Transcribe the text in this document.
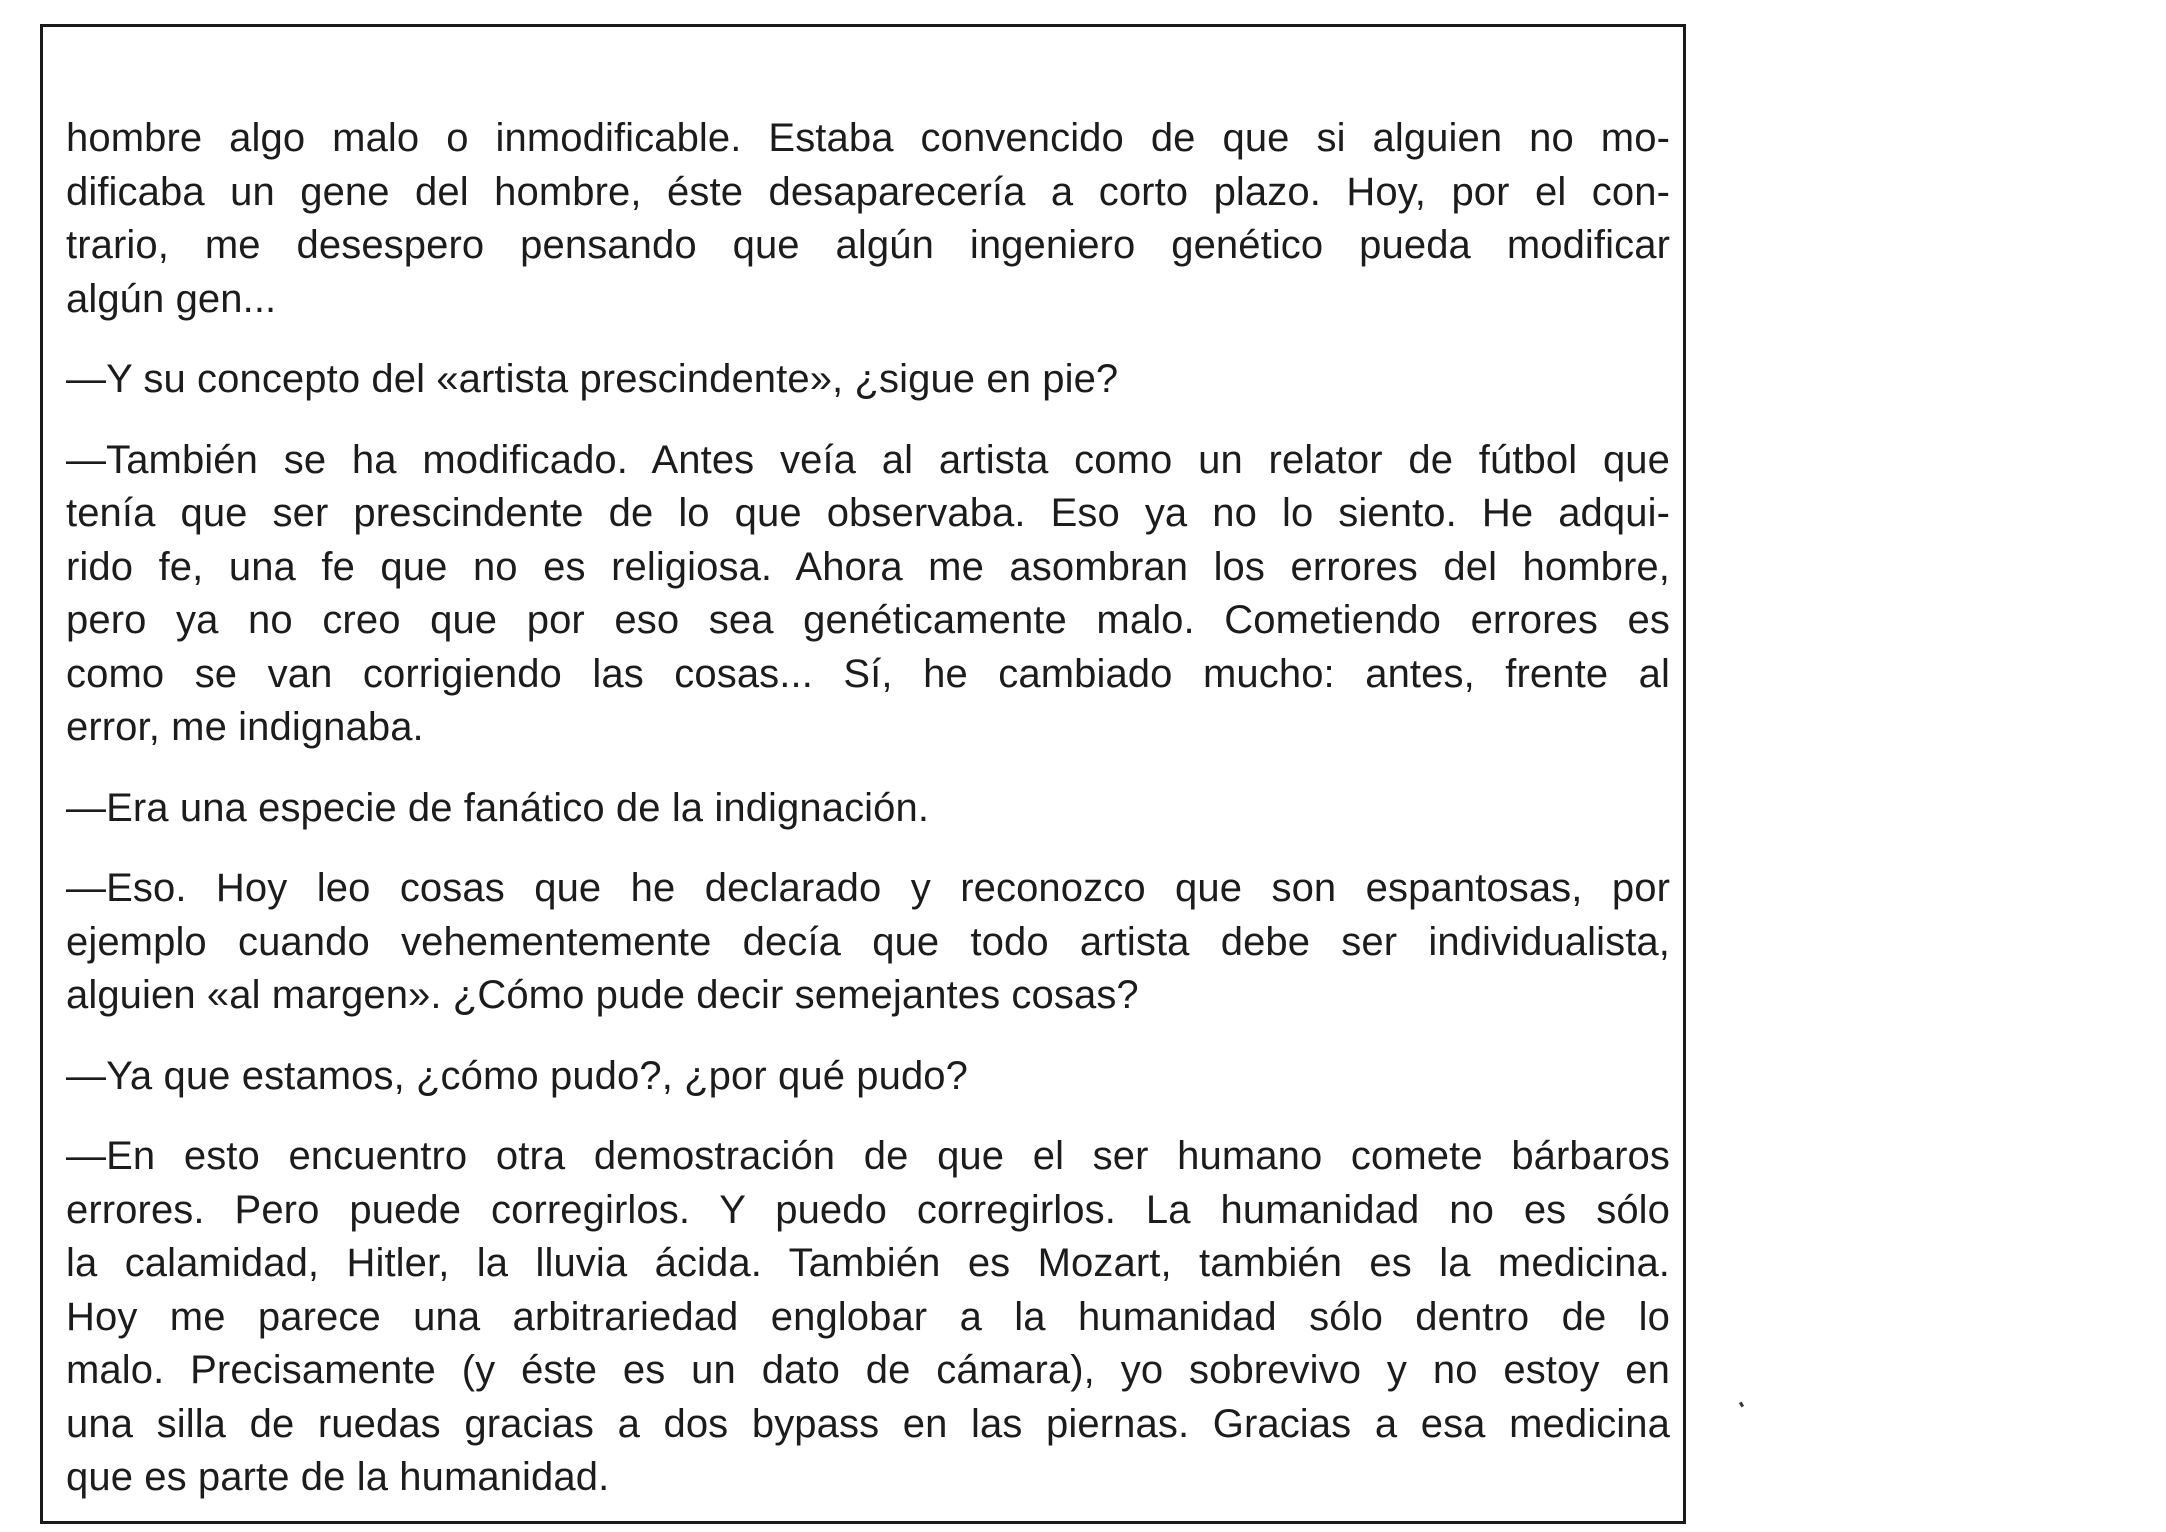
hombre algo malo o inmodificable. Estaba convencido de que si alguien no mo-
dificaba un gene del hombre, éste desaparecería a corto plazo. Hoy, por el con-
trario, me desespero pensando que algún ingeniero genético pueda modificar
algún gen...

—Y su concepto del «artista prescindente», ¿sigue en pie?

—También se ha modificado. Antes veía al artista como un relator de fútbol que
tenía que ser prescindente de lo que observaba. Eso ya no lo siento. He adqui-
rido fe, una fe que no es religiosa. Ahora me asombran los errores del hombre,
pero ya no creo que por eso sea genéticamente malo. Cometiendo errores es
como se van corrigiendo las cosas... Sí, he cambiado mucho: antes, frente al
error, me indignaba.

—Era una especie de fanático de la indignación.

—Eso. Hoy leo cosas que he declarado y reconozco que son espantosas, por
ejemplo cuando vehementemente decía que todo artista debe ser individualista,
alguien «al margen». ¿Cómo pude decir semejantes cosas?

—Ya que estamos, ¿cómo pudo?, ¿por qué pudo?

—En esto encuentro otra demostración de que el ser humano comete bárbaros
errores. Pero puede corregirlos. Y puedo corregirlos. La humanidad no es sólo
la calamidad, Hitler, la lluvia ácida. También es Mozart, también es la medicina.
Hoy me parece una arbitrariedad englobar a la humanidad sólo dentro de lo
malo. Precisamente (y éste es un dato de cámara), yo sobrevivo y no estoy en
una silla de ruedas gracias a dos bypass en las piernas. Gracias a esa medicina
que es parte de la humanidad.
